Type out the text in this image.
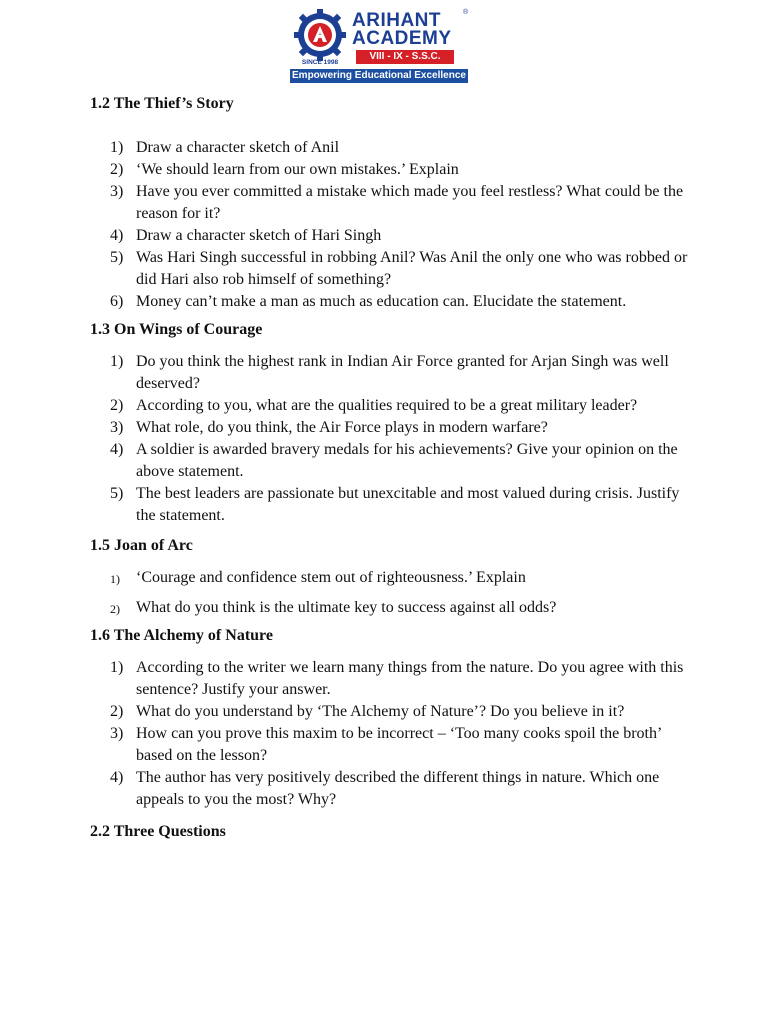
ARIHANT	®
ACADEMY
VIII - IX - S.S.C.
SINCE 1998
Empowering Educational Excellence

1.2 The Thief’s Story

1) Draw a character sketch of Anil
2) ‘We should learn from our own mistakes.’ Explain
3) Have you ever committed a mistake which made you feel restless? What could be the reason for it?
4) Draw a character sketch of Hari Singh
5) Was Hari Singh successful in robbing Anil? Was Anil the only one who was robbed or did Hari also rob himself of something?
6) Money can’t make a man as much as education can. Elucidate the statement.

1.3 On Wings of Courage

1) Do you think the highest rank in Indian Air Force granted for Arjan Singh was well deserved?
2) According to you, what are the qualities required to be a great military leader?
3) What role, do you think, the Air Force plays in modern warfare?
4) A soldier is awarded bravery medals for his achievements? Give your opinion on the above statement.
5) The best leaders are passionate but unexcitable and most valued during crisis. Justify the statement.

1.5 Joan of Arc

1) ‘Courage and confidence stem out of righteousness.’ Explain
2) What do you think is the ultimate key to success against all odds?

1.6 The Alchemy of Nature

1) According to the writer we learn many things from the nature. Do you agree with this sentence? Justify your answer.
2) What do you understand by ‘The Alchemy of Nature’? Do you believe in it?
3) How can you prove this maxim to be incorrect – ‘Too many cooks spoil the broth’ based on the lesson?
4) The author has very positively described the different things in nature. Which one appeals to you the most? Why?

2.2 Three Questions
